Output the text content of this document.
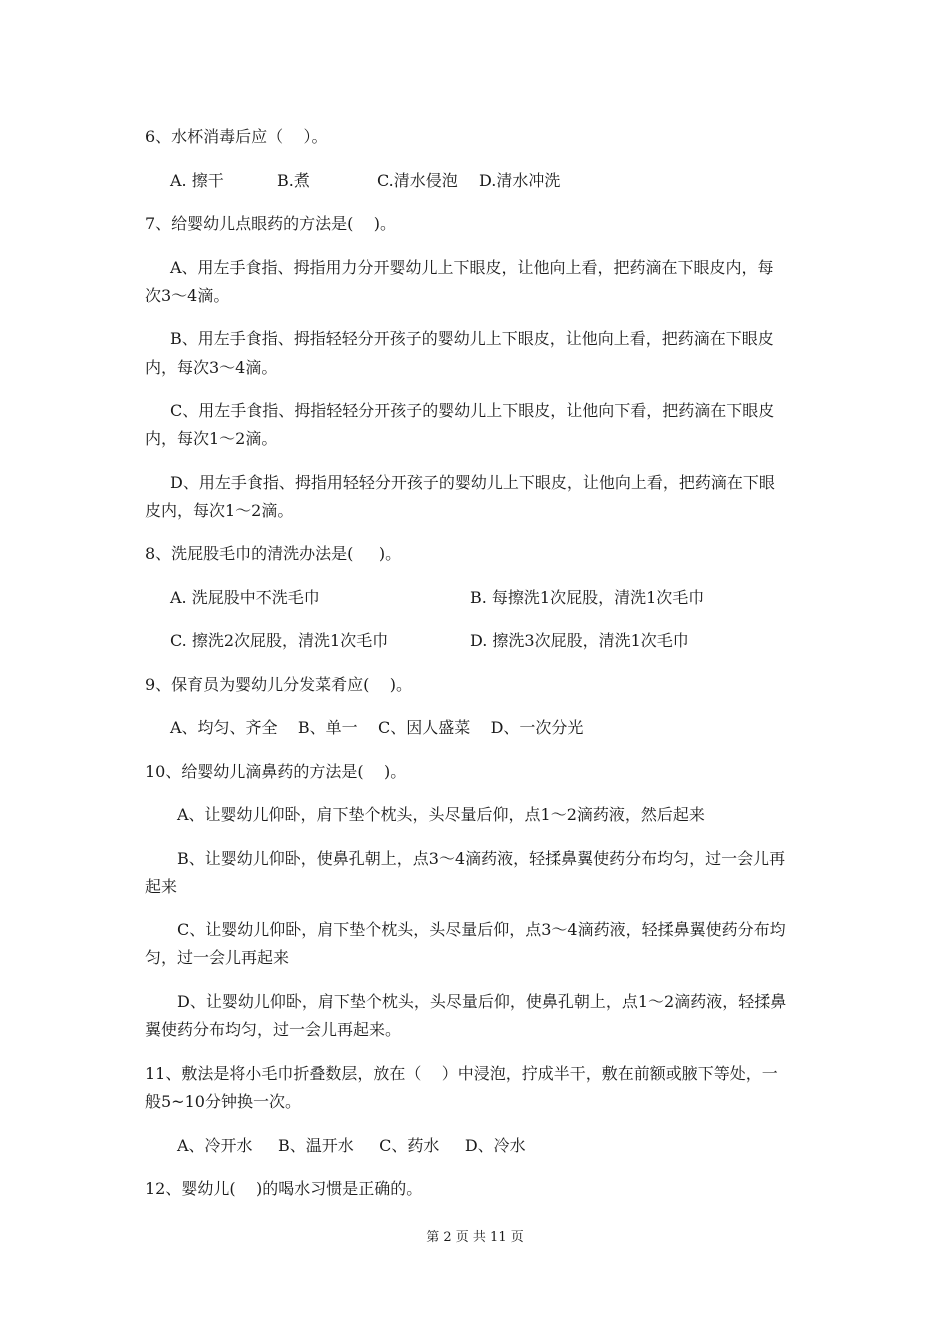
6、水杯消毒后应（    ）。
A. 擦干	B.煮	C.清水侵泡 D.清水冲洗
7、给婴幼儿点眼药的方法是(    )。
A、用左手食指、拇指用力分开婴幼儿上下眼皮，让他向上看，把药滴在下眼皮内，每
次3～4滴。
B、用左手食指、拇指轻轻分开孩子的婴幼儿上下眼皮，让他向上看，把药滴在下眼皮
内，每次3～4滴。
C、用左手食指、拇指轻轻分开孩子的婴幼儿上下眼皮，让他向下看，把药滴在下眼皮
内，每次1～2滴。
D、用左手食指、拇指用轻轻分开孩子的婴幼儿上下眼皮，让他向上看，把药滴在下眼
皮内，每次1～2滴。
8、洗屁股毛巾的清洗办法是(     )。
A. 洗屁股中不洗毛巾	B. 每擦洗1次屁股，清洗1次毛巾
C. 擦洗2次屁股，清洗1次毛巾	D. 擦洗3次屁股，清洗1次毛巾
9、保育员为婴幼儿分发菜肴应(    )。
A、均匀、齐全    B、单一    C、因人盛菜    D、一次分光
10、给婴幼儿滴鼻药的方法是(    )。
A、让婴幼儿仰卧，肩下垫个枕头，头尽量后仰，点1～2滴药液，然后起来
B、让婴幼儿仰卧，使鼻孔朝上，点3～4滴药液，轻揉鼻翼使药分布均匀，过一会儿再
起来
C、让婴幼儿仰卧，肩下垫个枕头，头尽量后仰，点3～4滴药液，轻揉鼻翼使药分布均
匀，过一会儿再起来
D、让婴幼儿仰卧，肩下垫个枕头，头尽量后仰，使鼻孔朝上，点1～2滴药液，轻揉鼻
翼使药分布均匀，过一会儿再起来。
11、敷法是将小毛巾折叠数层，放在（    ）中浸泡，拧成半干，敷在前额或腋下等处，一
般5~10分钟换一次。
A、冷开水     B、温开水     C、药水     D、冷水
12、婴幼儿(    )的喝水习惯是正确的。
第 2 页 共 11 页
